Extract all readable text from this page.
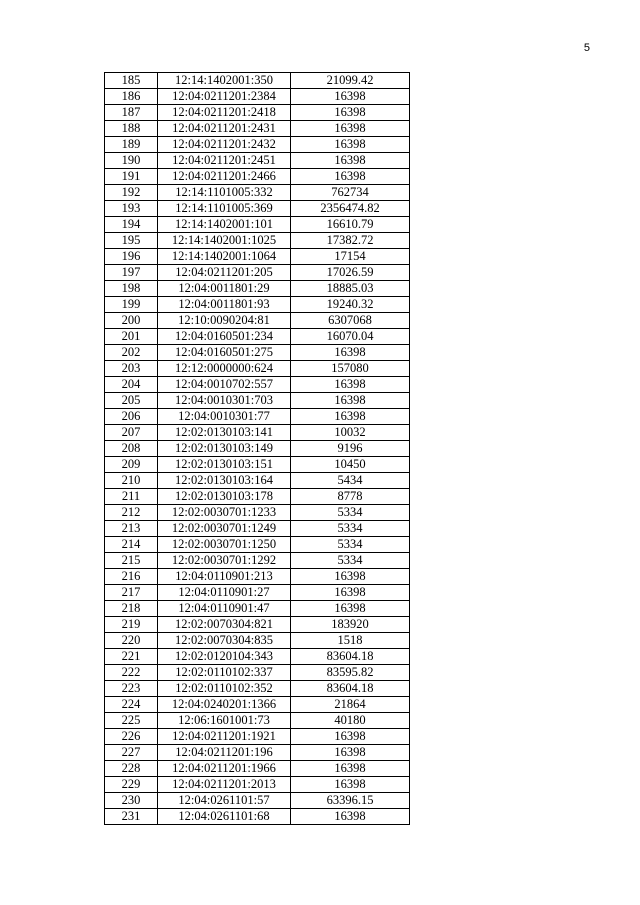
5
185	12:14:1402001:350	21099.42
186	12:04:0211201:2384	16398
187	12:04:0211201:2418	16398
188	12:04:0211201:2431	16398
189	12:04:0211201:2432	16398
190	12:04:0211201:2451	16398
191	12:04:0211201:2466	16398
192	12:14:1101005:332	762734
193	12:14:1101005:369	2356474.82
194	12:14:1402001:101	16610.79
195	12:14:1402001:1025	17382.72
196	12:14:1402001:1064	17154
197	12:04:0211201:205	17026.59
198	12:04:0011801:29	18885.03
199	12:04:0011801:93	19240.32
200	12:10:0090204:81	6307068
201	12:04:0160501:234	16070.04
202	12:04:0160501:275	16398
203	12:12:0000000:624	157080
204	12:04:0010702:557	16398
205	12:04:0010301:703	16398
206	12:04:0010301:77	16398
207	12:02:0130103:141	10032
208	12:02:0130103:149	9196
209	12:02:0130103:151	10450
210	12:02:0130103:164	5434
211	12:02:0130103:178	8778
212	12:02:0030701:1233	5334
213	12:02:0030701:1249	5334
214	12:02:0030701:1250	5334
215	12:02:0030701:1292	5334
216	12:04:0110901:213	16398
217	12:04:0110901:27	16398
218	12:04:0110901:47	16398
219	12:02:0070304:821	183920
220	12:02:0070304:835	1518
221	12:02:0120104:343	83604.18
222	12:02:0110102:337	83595.82
223	12:02:0110102:352	83604.18
224	12:04:0240201:1366	21864
225	12:06:1601001:73	40180
226	12:04:0211201:1921	16398
227	12:04:0211201:196	16398
228	12:04:0211201:1966	16398
229	12:04:0211201:2013	16398
230	12:04:0261101:57	63396.15
231	12:04:0261101:68	16398
